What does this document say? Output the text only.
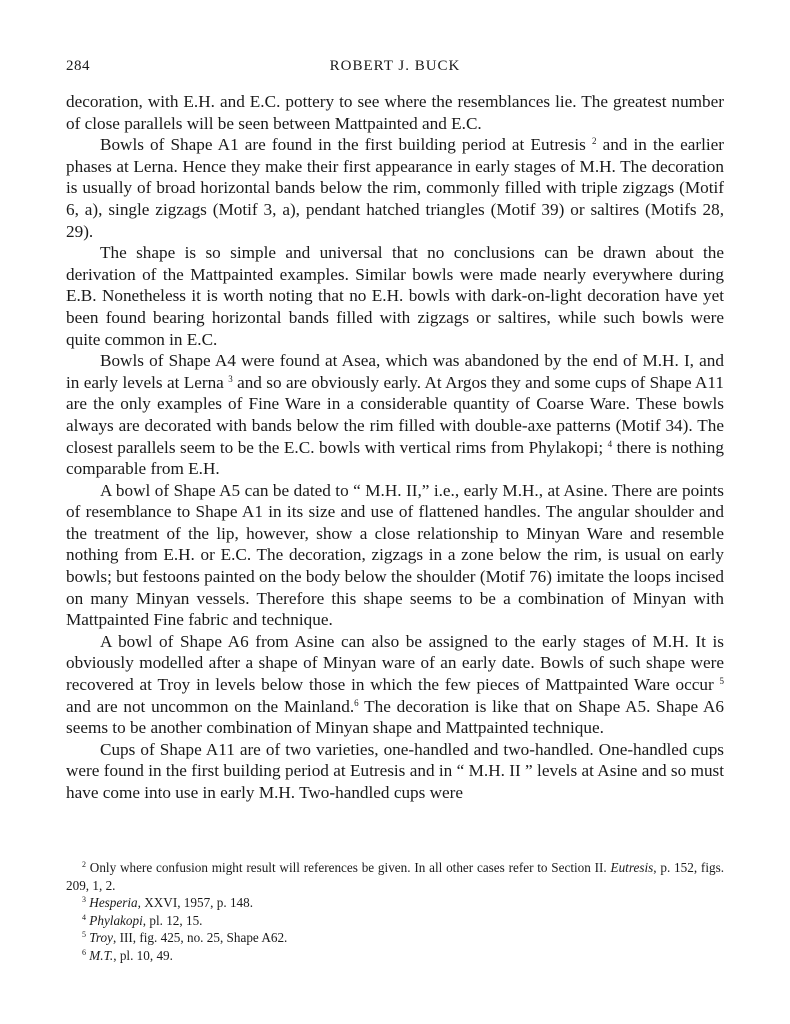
284	ROBERT J. BUCK

decoration, with E.H. and E.C. pottery to see where the resemblances lie. The greatest number of close parallels will be seen between Mattpainted and E.C.

Bowls of Shape A1 are found in the first building period at Eutresis $^2$ and in the earlier phases at Lerna. Hence they make their first appearance in early stages of M.H. The decoration is usually of broad horizontal bands below the rim, commonly filled with triple zigzags (Motif 6, a), single zigzags (Motif 3, a), pendant hatched triangles (Motif 39) or saltires (Motifs 28, 29).

The shape is so simple and universal that no conclusions can be drawn about the derivation of the Mattpainted examples. Similar bowls were made nearly everywhere during E.B. Nonetheless it is worth noting that no E.H. bowls with dark-on-light decoration have yet been found bearing horizontal bands filled with zigzags or saltires, while such bowls were quite common in E.C.

Bowls of Shape A4 were found at Asea, which was abandoned by the end of M.H. I, and in early levels at Lerna $^3$ and so are obviously early. At Argos they and some cups of Shape A11 are the only examples of Fine Ware in a considerable quantity of Coarse Ware. These bowls always are decorated with bands below the rim filled with double-axe patterns (Motif 34). The closest parallels seem to be the E.C. bowls with vertical rims from Phylakopi; $^4$ there is nothing comparable from E.H.

A bowl of Shape A5 can be dated to “ M.H. II,” i.e., early M.H., at Asine. There are points of resemblance to Shape A1 in its size and use of flattened handles. The angular shoulder and the treatment of the lip, however, show a close relationship to Minyan Ware and resemble nothing from E.H. or E.C. The decoration, zigzags in a zone below the rim, is usual on early bowls; but festoons painted on the body below the shoulder (Motif 76) imitate the loops incised on many Minyan vessels. Therefore this shape seems to be a combination of Minyan with Mattpainted Fine fabric and technique.

A bowl of Shape A6 from Asine can also be assigned to the early stages of M.H. It is obviously modelled after a shape of Minyan ware of an early date. Bowls of such shape were recovered at Troy in levels below those in which the few pieces of Mattpainted Ware occur $^5$ and are not uncommon on the Mainland.$^6$ The decoration is like that on Shape A5. Shape A6 seems to be another combination of Minyan shape and Mattpainted technique.

Cups of Shape A11 are of two varieties, one-handled and two-handled. One-handled cups were found in the first building period at Eutresis and in “ M.H. II ” levels at Asine and so must have come into use in early M.H. Two-handled cups were

$^2$ Only where confusion might result will references be given. In all other cases refer to Section II. Eutresis, p. 152, figs. 209, 1, 2.

$^3$ Hesperia, XXVI, 1957, p. 148.

$^4$ Phylakopi, pl. 12, 15.

$^5$ Troy, III, fig. 425, no. 25, Shape A62.

$^6$ M.T., pl. 10, 49.
